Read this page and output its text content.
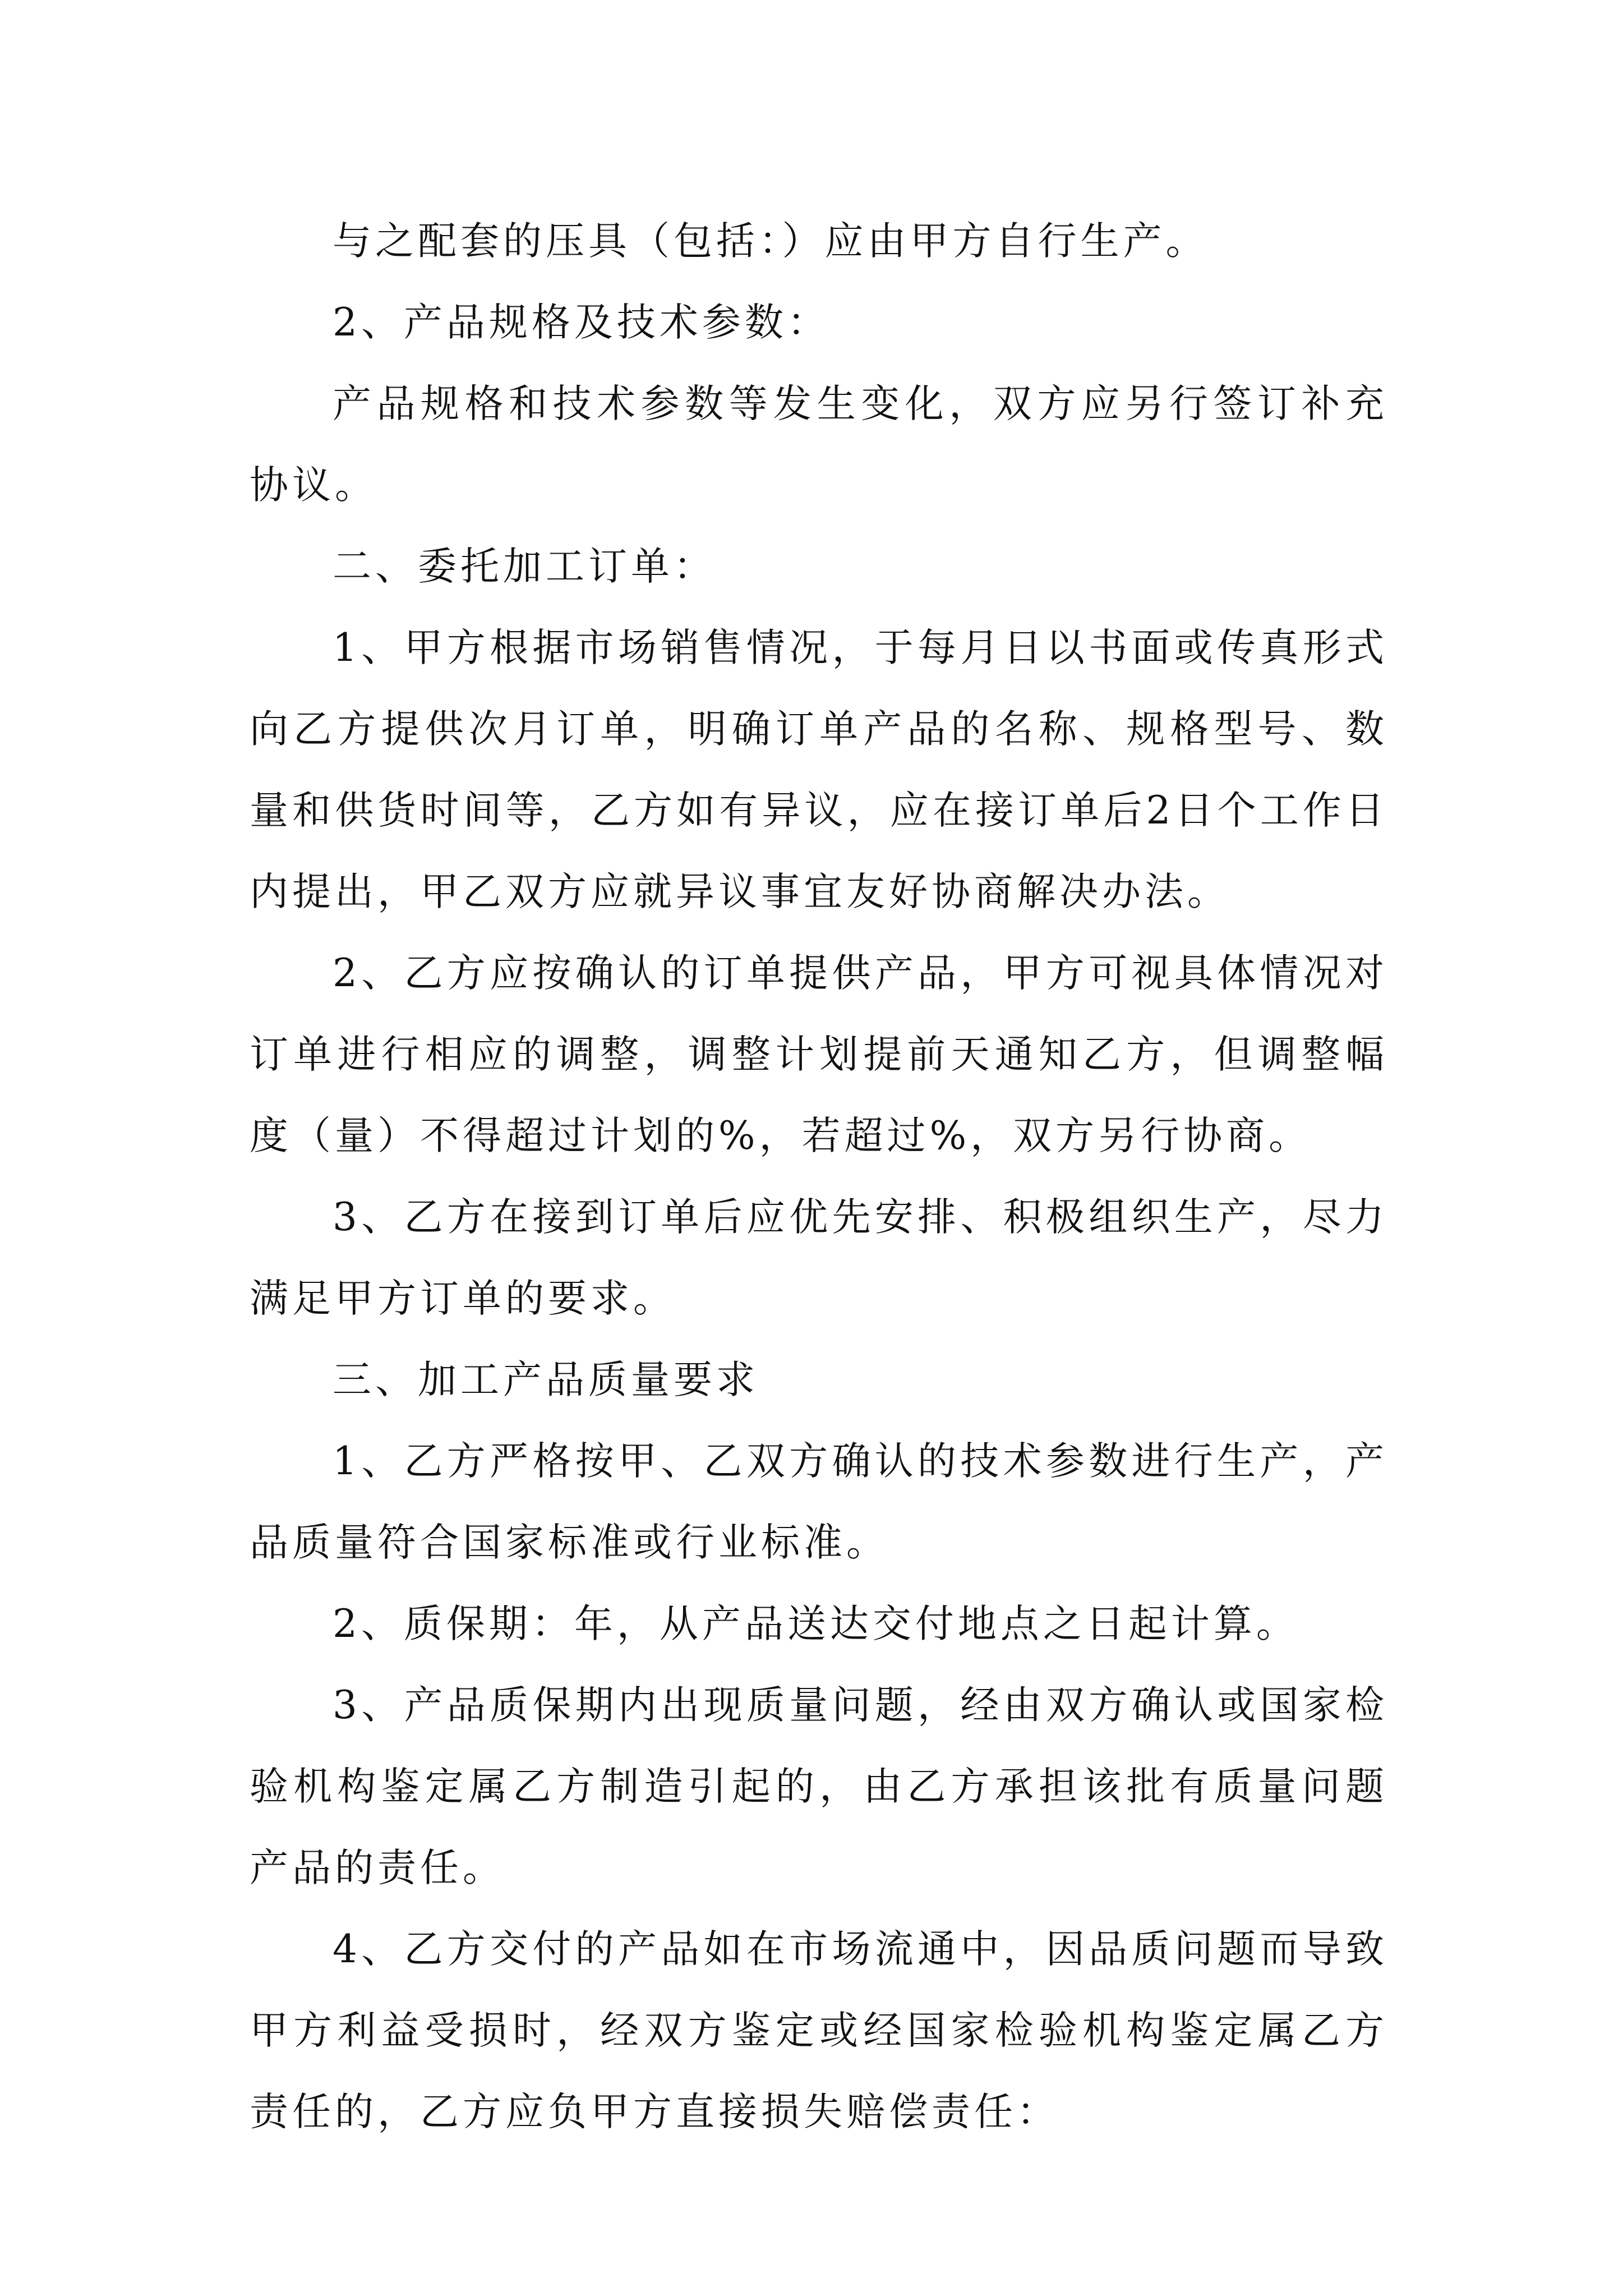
与之配套的压具（包括：）应由甲方自行生产。

2、产品规格及技术参数：

产品规格和技术参数等发生变化，双方应另行签订补充协议。

二、委托加工订单：

1、甲方根据市场销售情况，于每月日以书面或传真形式向乙方提供次月订单，明确订单产品的名称、规格型号、数量和供货时间等，乙方如有异议，应在接订单后2日个工作日内提出，甲乙双方应就异议事宜友好协商解决办法。

2、乙方应按确认的订单提供产品，甲方可视具体情况对订单进行相应的调整，调整计划提前天通知乙方，但调整幅度（量）不得超过计划的%，若超过%，双方另行协商。

3、乙方在接到订单后应优先安排、积极组织生产，尽力满足甲方订单的要求。

三、加工产品质量要求

1、乙方严格按甲、乙双方确认的技术参数进行生产，产品质量符合国家标准或行业标准。

2、质保期：年，从产品送达交付地点之日起计算。

3、产品质保期内出现质量问题，经由双方确认或国家检验机构鉴定属乙方制造引起的，由乙方承担该批有质量问题产品的责任。

4、乙方交付的产品如在市场流通中，因品质问题而导致甲方利益受损时，经双方鉴定或经国家检验机构鉴定属乙方责任的，乙方应负甲方直接损失赔偿责任：
